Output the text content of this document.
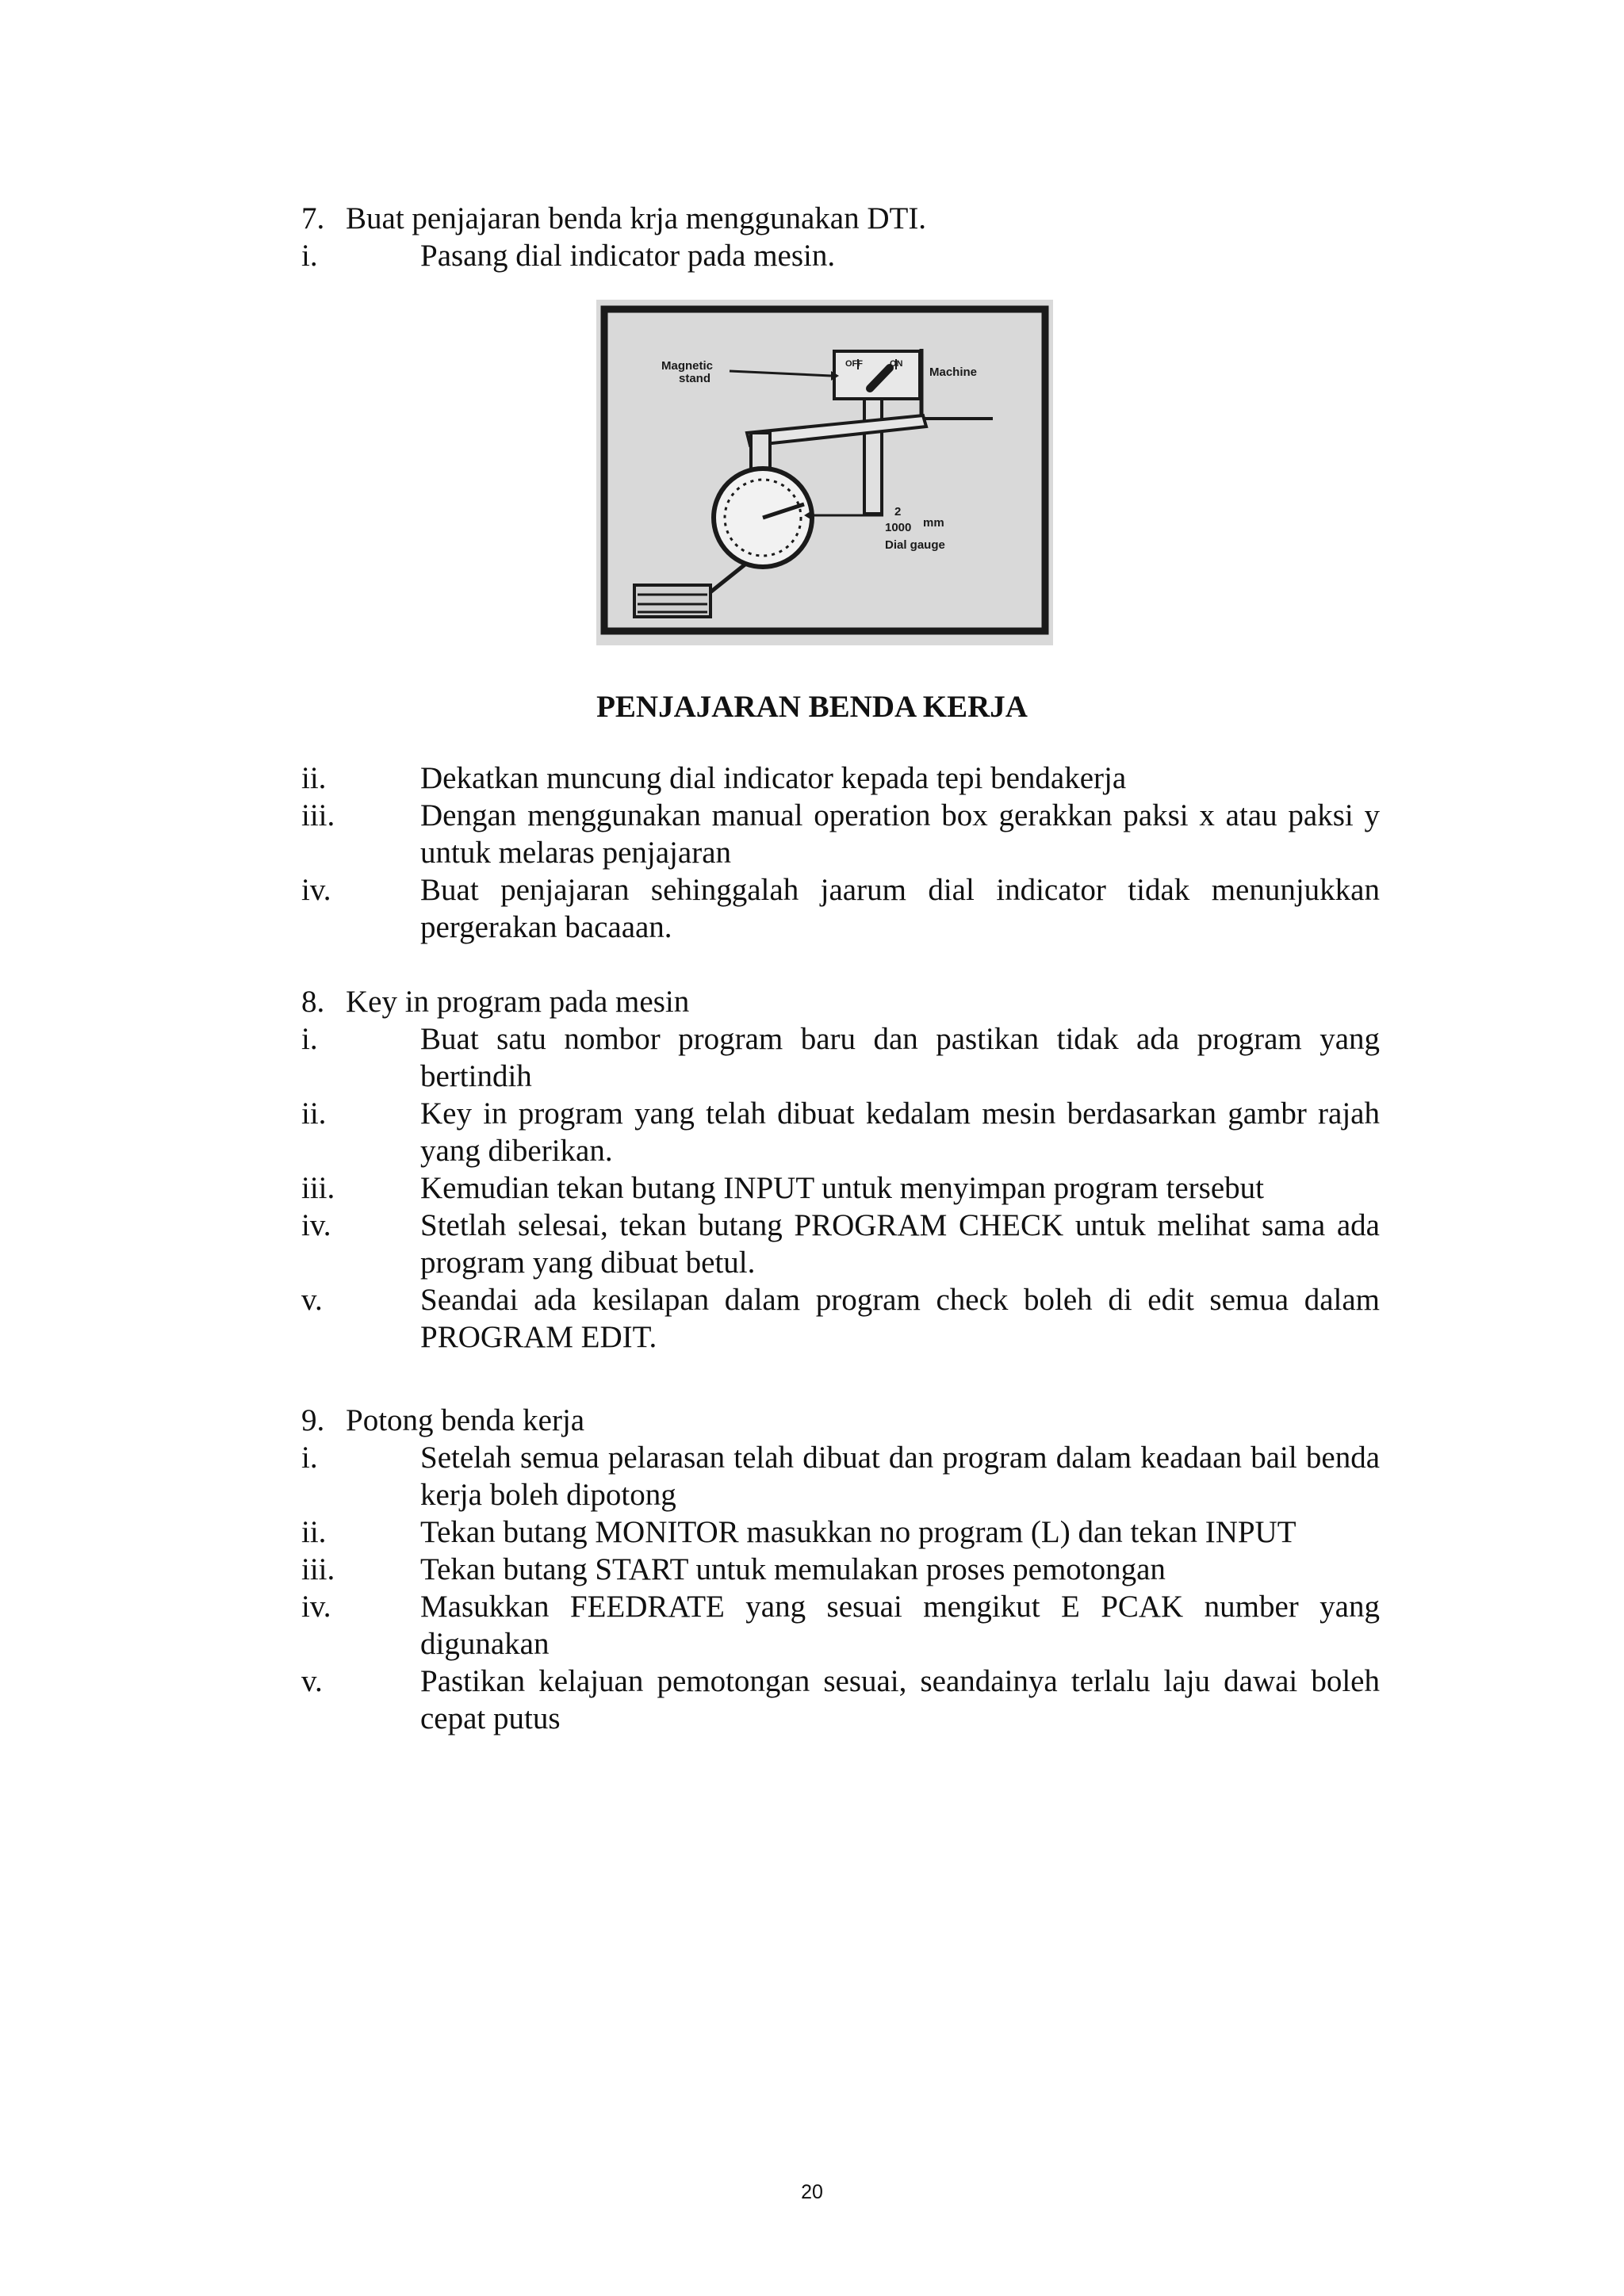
7. Buat penjajaran benda krja menggunakan DTI.
i.	Pasang dial indicator pada mesin.
Magnetic stand
OFF	ON
Machine
2
1000 mm
Dial gauge
PENJAJARAN BENDA KERJA
ii.	Dekatkan muncung dial indicator kepada tepi bendakerja
iii.	Dengan menggunakan manual operation box gerakkan paksi x atau paksi y untuk melaras penjajaran
iv.	Buat penjajaran sehinggalah jaarum dial indicator tidak menunjukkan pergerakan bacaaan.
8. Key in program pada mesin
i.	Buat satu nombor program baru dan pastikan tidak ada program yang bertindih
ii.	Key in program yang telah dibuat kedalam mesin berdasarkan gambr rajah yang diberikan.
iii.	Kemudian tekan butang INPUT untuk menyimpan program tersebut
iv.	Stetlah selesai, tekan butang PROGRAM CHECK untuk melihat sama ada program yang dibuat betul.
v.	Seandai ada kesilapan dalam program check boleh di edit semua dalam PROGRAM EDIT.
9. Potong benda kerja
i.	Setelah semua pelarasan telah dibuat dan program dalam keadaan bail benda kerja boleh dipotong
ii.	Tekan butang MONITOR masukkan no program (L) dan tekan INPUT
iii.	Tekan butang START untuk memulakan proses pemotongan
iv.	Masukkan FEEDRATE yang sesuai mengikut E PCAK number yang digunakan
v.	Pastikan kelajuan pemotongan sesuai, seandainya terlalu laju dawai boleh cepat putus
20
